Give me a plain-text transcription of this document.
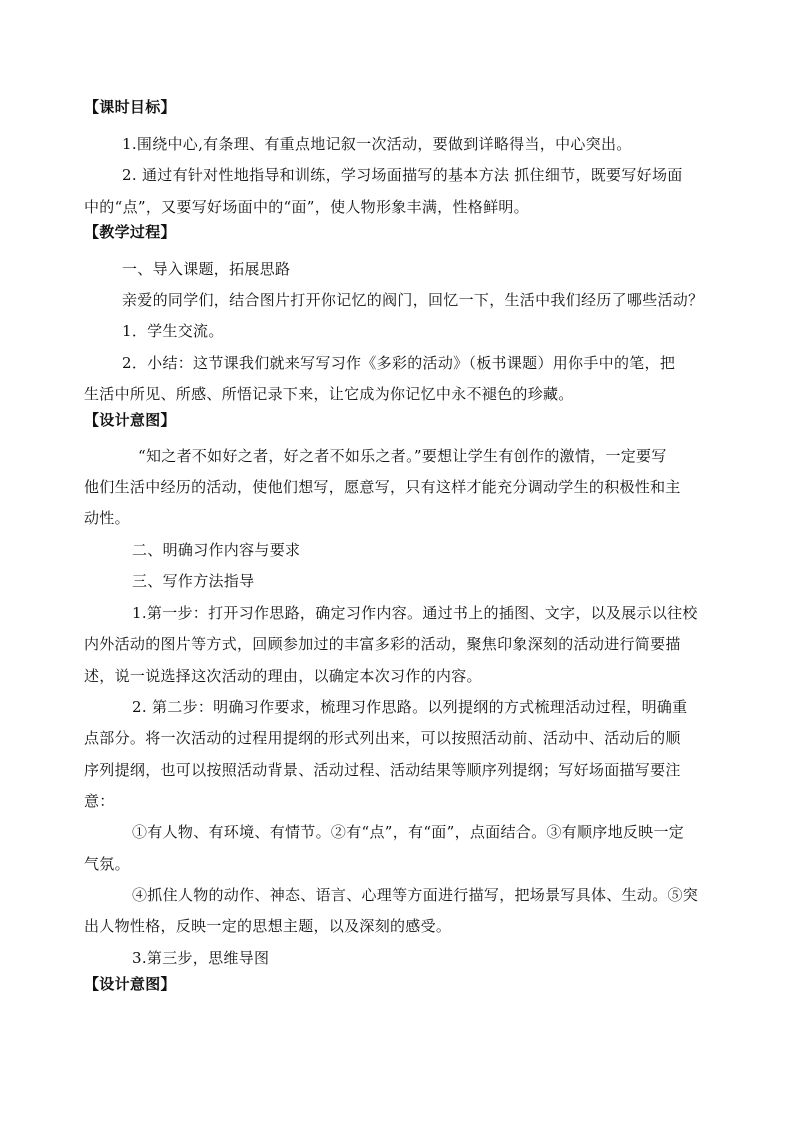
【课时目标】
1.围绕中心,有条理、有重点地记叙一次活动，要做到详略得当，中心突出。
2. 通过有针对性地指导和训练，学习场面描写的基本方法 抓住细节，既要写好场面
中的“点”，又要写好场面中的“面”，使人物形象丰满，性格鲜明。
【教学过程】
一、导入课题，拓展思路
亲爱的同学们，结合图片打开你记忆的阀门，回忆一下，生活中我们经历了哪些活动？
1．学生交流。
2．小结：这节课我们就来写写习作《多彩的活动》（板书课题）用你手中的笔，把
生活中所见、所感、所悟记录下来，让它成为你记忆中永不褪色的珍藏。
【设计意图】
“知之者不如好之者，好之者不如乐之者。”要想让学生有创作的激情，一定要写
他们生活中经历的活动，使他们想写，愿意写，只有这样才能充分调动学生的积极性和主
动性。
二、明确习作内容与要求
三、写作方法指导
1.第一步：打开习作思路，确定习作内容。通过书上的插图、文字，以及展示以往校
内外活动的图片等方式，回顾参加过的丰富多彩的活动，聚焦印象深刻的活动进行简要描
述，说一说选择这次活动的理由，以确定本次习作的内容。
2. 第二步：明确习作要求，梳理习作思路。以列提纲的方式梳理活动过程，明确重
点部分。将一次活动的过程用提纲的形式列出来，可以按照活动前、活动中、活动后的顺
序列提纲，也可以按照活动背景、活动过程、活动结果等顺序列提纲；写好场面描写要注
意：
①有人物、有环境、有情节。②有“点”，有“面”，点面结合。③有顺序地反映一定
气氛。
④抓住人物的动作、神态、语言、心理等方面进行描写，把场景写具体、生动。⑤突
出人物性格，反映一定的思想主题，以及深刻的感受。
3.第三步，思维导图
【设计意图】
